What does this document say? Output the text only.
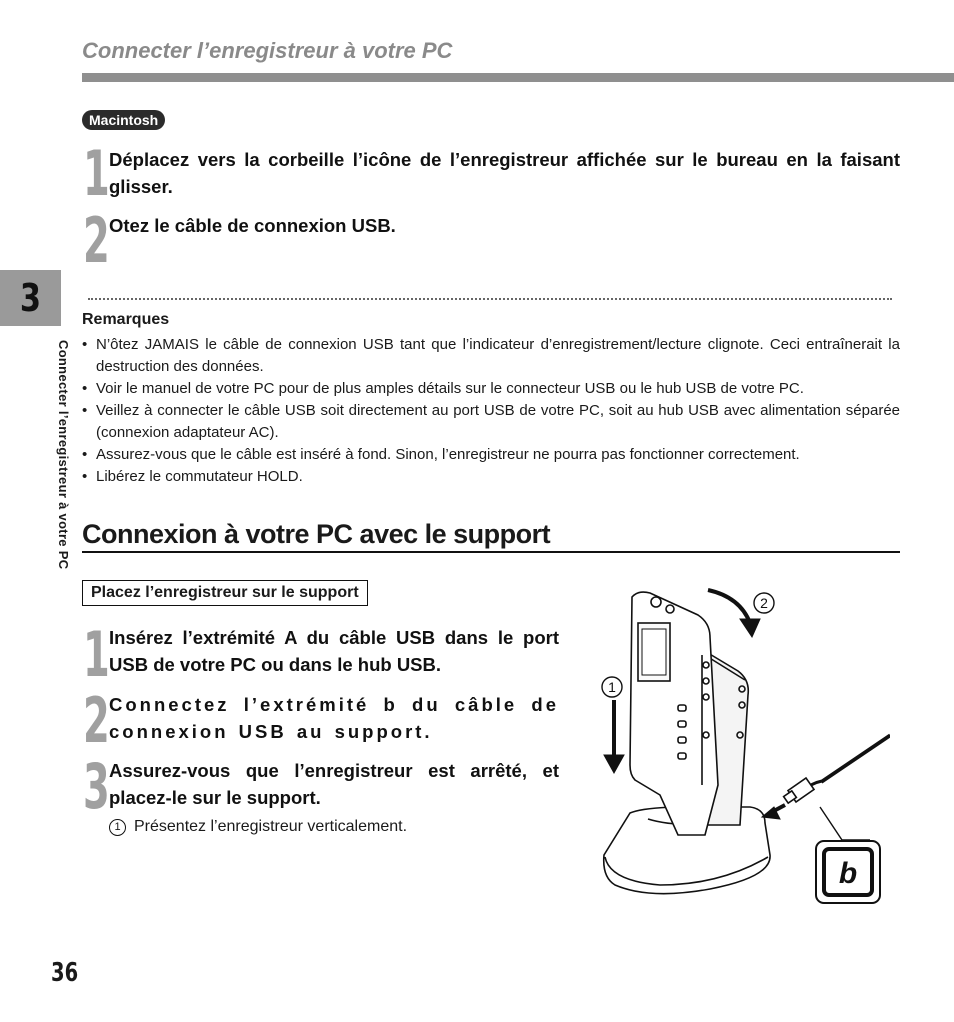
Connecter l’enregistreur à votre PC
Macintosh
1 Déplacez vers la corbeille l’icône de l’enregistreur affichée sur le bureau en la faisant glisser.
2 Otez le câble de connexion USB.
Remarques
• N’ôtez JAMAIS le câble de connexion USB tant que l’indicateur d’enregistrement/lecture clignote. Ceci entraînerait la destruction des données.
• Voir le manuel de votre PC pour de plus amples détails sur le connecteur USB ou le hub USB de votre PC.
• Veillez à connecter le câble USB soit directement au port USB de votre PC, soit au hub USB avec alimentation séparée (connexion adaptateur AC).
• Assurez-vous que le câble est inséré à fond. Sinon, l’enregistreur ne pourra pas fonctionner correctement.
• Libérez le commutateur HOLD.
Connexion à votre PC avec le support
Placez l’enregistreur sur le support
1 Insérez l’extrémité A du câble USB dans le port USB de votre PC ou dans le hub USB.
2 Connectez l’extrémité b du câble de connexion USB au support.
3 Assurez-vous que l’enregistreur est arrêté, et placez-le sur le support.
1 Présentez l’enregistreur verticalement.
1
2
b
3
Connecter l’enregistreur à votre PC
36
